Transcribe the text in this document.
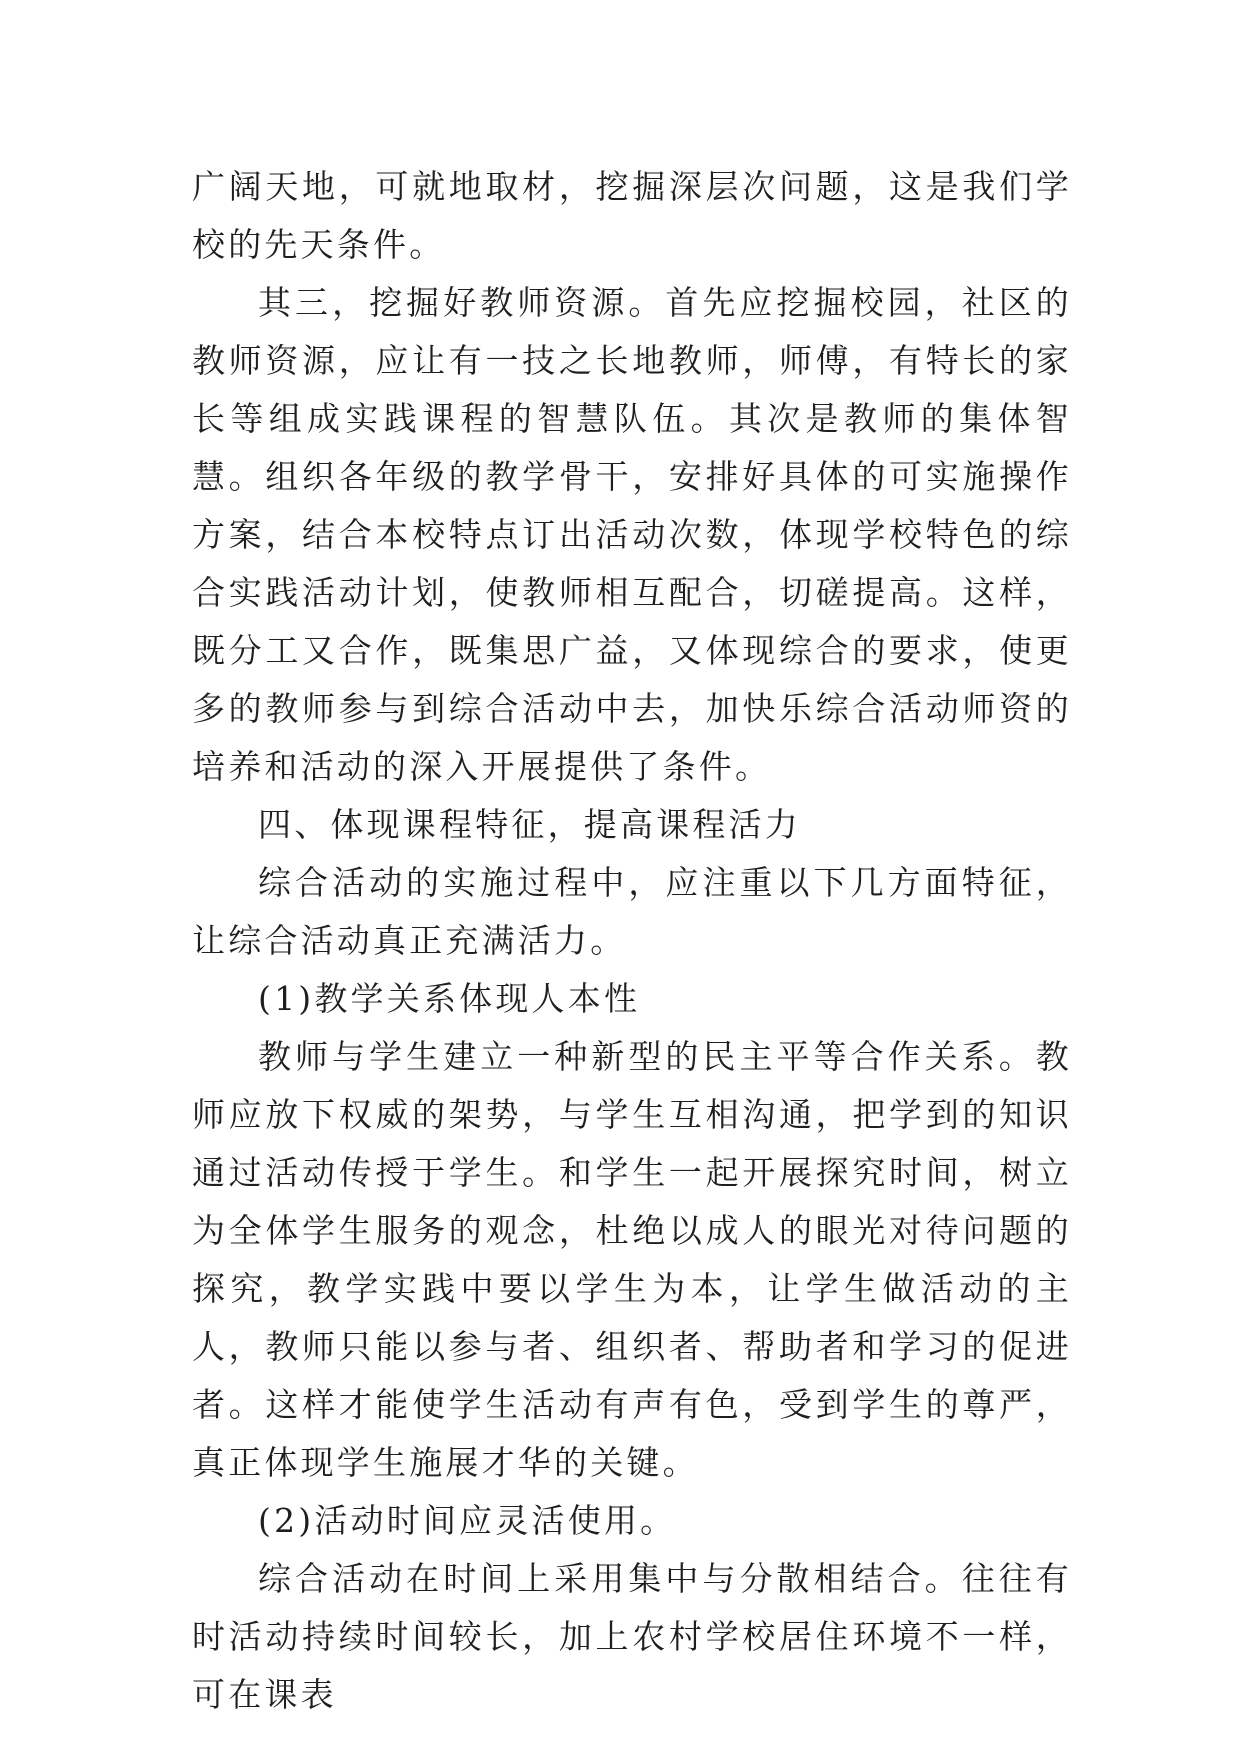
广阔天地，可就地取材，挖掘深层次问题，这是我们学校的先天条件。

其三，挖掘好教师资源。首先应挖掘校园，社区的教师资源，应让有一技之长地教师，师傅，有特长的家长等组成实践课程的智慧队伍。其次是教师的集体智慧。组织各年级的教学骨干，安排好具体的可实施操作方案，结合本校特点订出活动次数，体现学校特色的综合实践活动计划，使教师相互配合，切磋提高。这样，既分工又合作，既集思广益，又体现综合的要求，使更多的教师参与到综合活动中去，加快乐综合活动师资的培养和活动的深入开展提供了条件。

四、体现课程特征，提高课程活力

综合活动的实施过程中，应注重以下几方面特征，让综合活动真正充满活力。

(1)教学关系体现人本性

教师与学生建立一种新型的民主平等合作关系。教师应放下权威的架势，与学生互相沟通，把学到的知识通过活动传授于学生。和学生一起开展探究时间，树立为全体学生服务的观念，杜绝以成人的眼光对待问题的探究，教学实践中要以学生为本，让学生做活动的主人，教师只能以参与者、组织者、帮助者和学习的促进者。这样才能使学生活动有声有色，受到学生的尊严，真正体现学生施展才华的关键。

(2)活动时间应灵活使用。

综合活动在时间上采用集中与分散相结合。往往有时活动持续时间较长，加上农村学校居住环境不一样，可在课表
